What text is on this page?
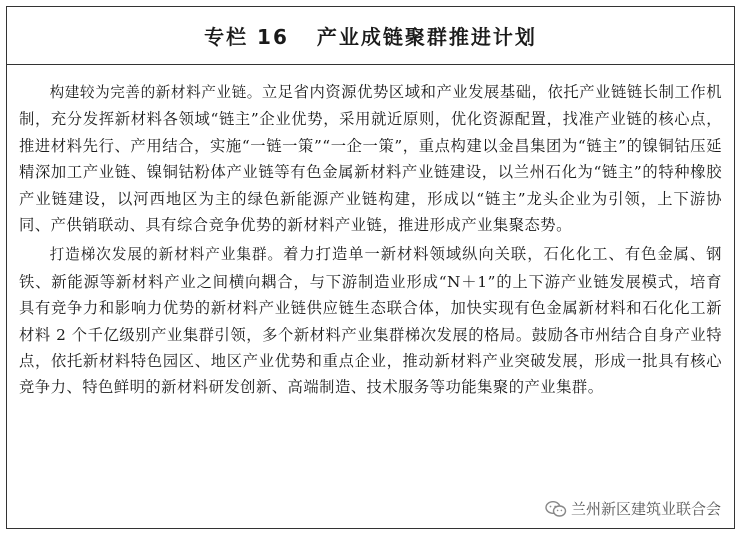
专栏 16 产业成链聚群推进计划

构建较为完善的新材料产业链。立足省内资源优势区域和产业发展基础，依托产业链链长制工作机制，充分发挥新材料各领域“链主”企业优势，采用就近原则，优化资源配置，找准产业链的核心点，推进材料先行、产用结合，实施“一链一策”“一企一策”，重点构建以金昌集团为“链主”的镍铜钴压延精深加工产业链、镍铜钴粉体产业链等有色金属新材料产业链建设，以兰州石化为“链主”的特种橡胶产业链建设，以河西地区为主的绿色新能源产业链构建，形成以“链主”龙头企业为引领，上下游协同、产供销联动、具有综合竞争优势的新材料产业链，推进形成产业集聚态势。

打造梯次发展的新材料产业集群。着力打造单一新材料领域纵向关联，石化化工、有色金属、钢铁、新能源等新材料产业之间横向耦合，与下游制造业形成“N＋1”的上下游产业链发展模式，培育具有竞争力和影响力优势的新材料产业链供应链生态联合体，加快实现有色金属新材料和石化化工新材料 2 个千亿级别产业集群引领，多个新材料产业集群梯次发展的格局。鼓励各市州结合自身产业特点，依托新材料特色园区、地区产业优势和重点企业，推动新材料产业突破发展，形成一批具有核心竞争力、特色鲜明的新材料研发创新、高端制造、技术服务等功能集聚的产业集群。

兰州新区建筑业联合会
